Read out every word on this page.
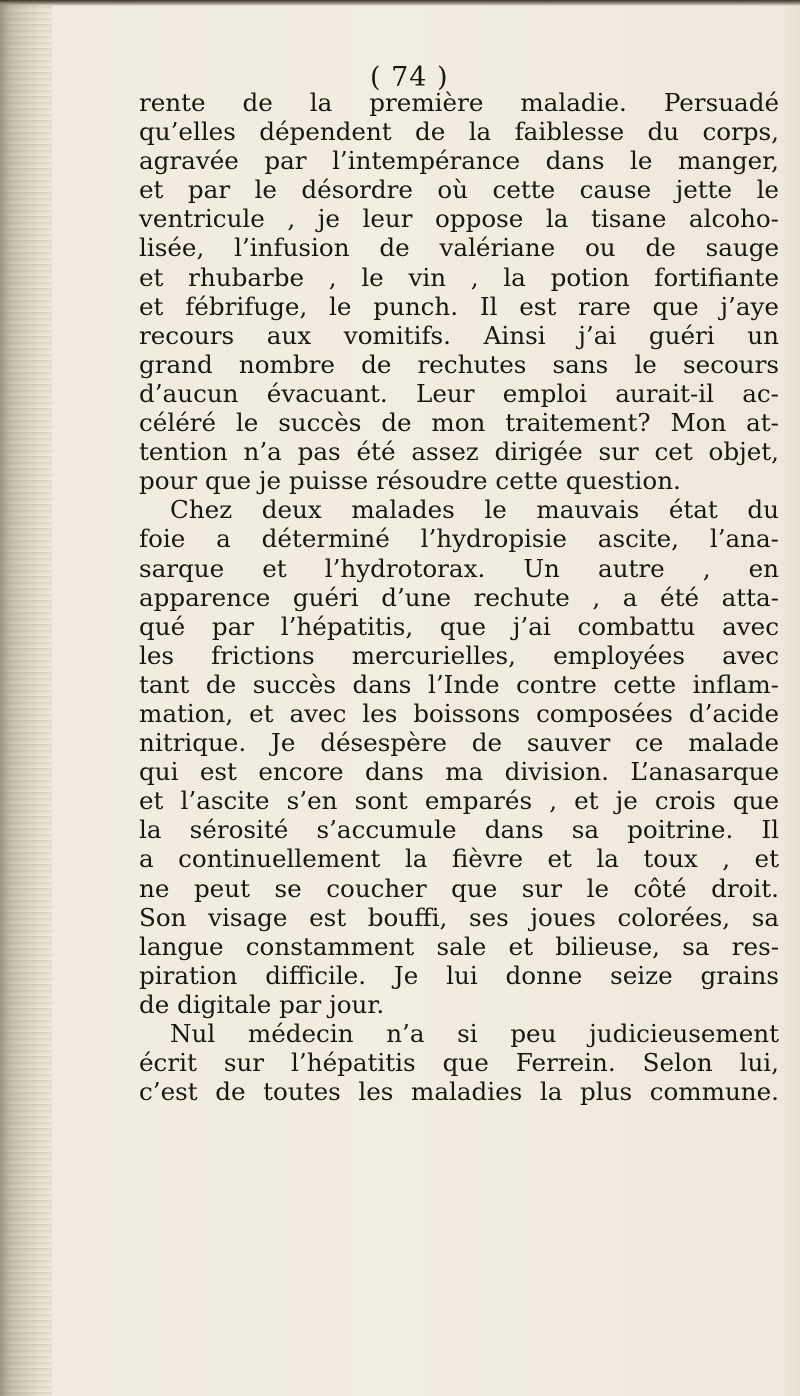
( 74 )
rente de la première maladie. Persuadé
qu’elles dépendent de la faiblesse du corps,
agravée par l’intempérance dans le manger,
et par le désordre où cette cause jette le
ventricule , je leur oppose la tisane alcoho-
lisée, l’infusion de valériane ou de sauge
et rhubarbe , le vin , la potion fortifiante
et fébrifuge, le punch. Il est rare que j’aye
recours aux vomitifs. Ainsi j’ai guéri un
grand nombre de rechutes sans le secours
d’aucun évacuant. Leur emploi aurait-il ac-
céléré le succès de mon traitement? Mon at-
tention n’a pas été assez dirigée sur cet objet,
pour que je puisse résoudre cette question.
Chez deux malades le mauvais état du
foie a déterminé l’hydropisie ascite, l’ana-
sarque et l’hydrotorax. Un autre , en
apparence guéri d’une rechute , a été atta-
qué par l’hépatitis, que j’ai combattu avec
les frictions mercurielles, employées avec
tant de succès dans l’Inde contre cette inflam-
mation, et avec les boissons composées d’acide
nitrique. Je désespère de sauver ce malade
qui est encore dans ma division. L’anasarque
et l’ascite s’en sont emparés , et je crois que
la sérosité s’accumule dans sa poitrine. Il
a continuellement la fièvre et la toux , et
ne peut se coucher que sur le côté droit.
Son visage est bouffi, ses joues colorées, sa
langue constamment sale et bilieuse, sa res-
piration difficile. Je lui donne seize grains
de digitale par jour.
Nul médecin n’a si peu judicieusement
écrit sur l’hépatitis que Ferrein. Selon lui,
c’est de toutes les maladies la plus commune.
